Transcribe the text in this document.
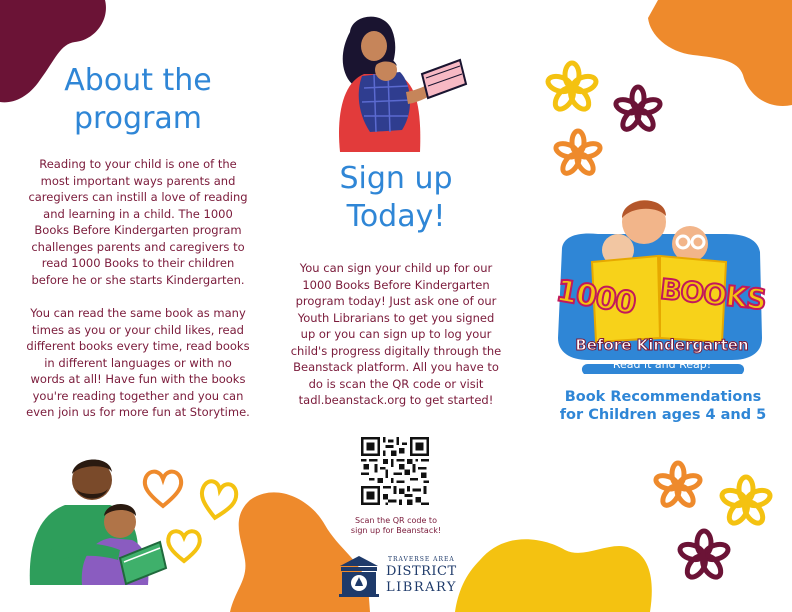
About the
program

Reading to your child is one of the most important ways parents and caregivers can instill a love of reading and learning in a child. The 1000 Books Before Kindergarten program challenges parents and caregivers to read 1000 Books to their children before he or she starts Kindergarten.

You can read the same book as many times as you or your child likes, read different books every time, read books in different languages or with no words at all! Have fun with the books you're reading together and you can even join us for more fun at Storytime.

Sign up
Today!

You can sign your child up for our 1000 Books Before Kindergarten program today! Just ask one of our Youth Librarians to get you signed up or you can sign up to log your child's progress digitally through the Beanstack platform. All you have to do is scan the QR code or visit tadl.beanstack.org to get started!

Scan the QR code to
sign up for Beanstack!
TRAVERSE AREA
DISTRICT
LIBRARY
1000 BOOKS
Before Kindergarten
Read it and Reap!
Book Recommendations
for Children ages 4 and 5
